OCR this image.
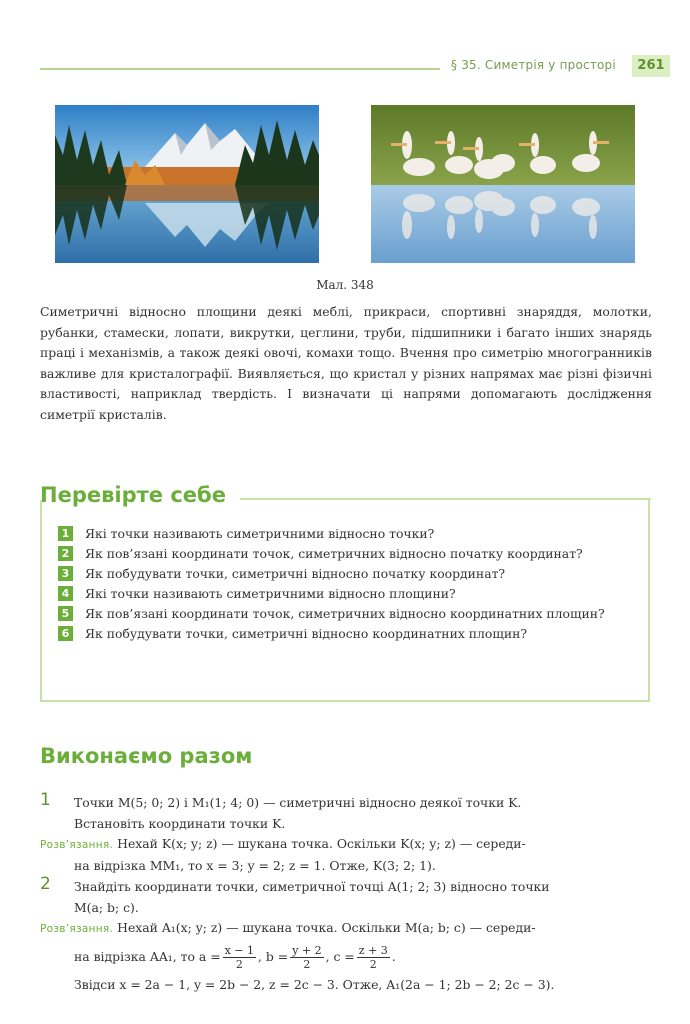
§ 35. Симетрія у просторі	261
Мал. 348
Симетричні відносно площини деякі меблі, прикраси, спортивні знаряддя, молотки, рубанки, стамески, лопати, викрутки, цеглини, труби, підшипники і багато інших знарядь праці і механізмів, а також деякі овочі, комахи тощо. Вчення про симетрію многогранників важливе для кристалографії. Виявляється, що кристал у різних напрямах має різні фізичні властивості, наприклад твердість. І визначати ці напрями допомагають дослідження симетрії кристалів.
Перевірте себе
1 Які точки називають симетричними відносно точки?
2 Як пов’язані координати точок, симетричних відносно початку координат?
3 Як побудувати точки, симетричні відносно початку координат?
4 Які точки називають симетричними відносно площини?
5 Як пов’язані координати точок, симетричних відносно координатних площин?
6 Як побудувати точки, симетричні відносно координатних площин?
Виконаємо разом
1 Точки M(5; 0; 2) і M₁(1; 4; 0) — симетричні відносно деякої точки K.
Встановіть координати точки K.
Розв’язання. Нехай K(x; y; z) — шукана точка. Оскільки K(x; y; z) — середи-
на відрізка MM₁, то x = 3; y = 2; z = 1. Отже, K(3; 2; 1).
2 Знайдіть координати точки, симетричної точці A(1; 2; 3) відносно точки
M(a; b; c).
Розв’язання. Нехай A₁(x; y; z) — шукана точка. Оскільки M(a; b; c) — середи-
на відрізка AA₁, то $a = \frac{x - 1}{2}$ , $b = \frac{y + 2}{2}$ , $c = \frac{z + 3}{2}$ .
Звідси x = 2a − 1, y = 2b − 2, z = 2c − 3. Отже, A₁(2a − 1; 2b − 2; 2c − 3).
